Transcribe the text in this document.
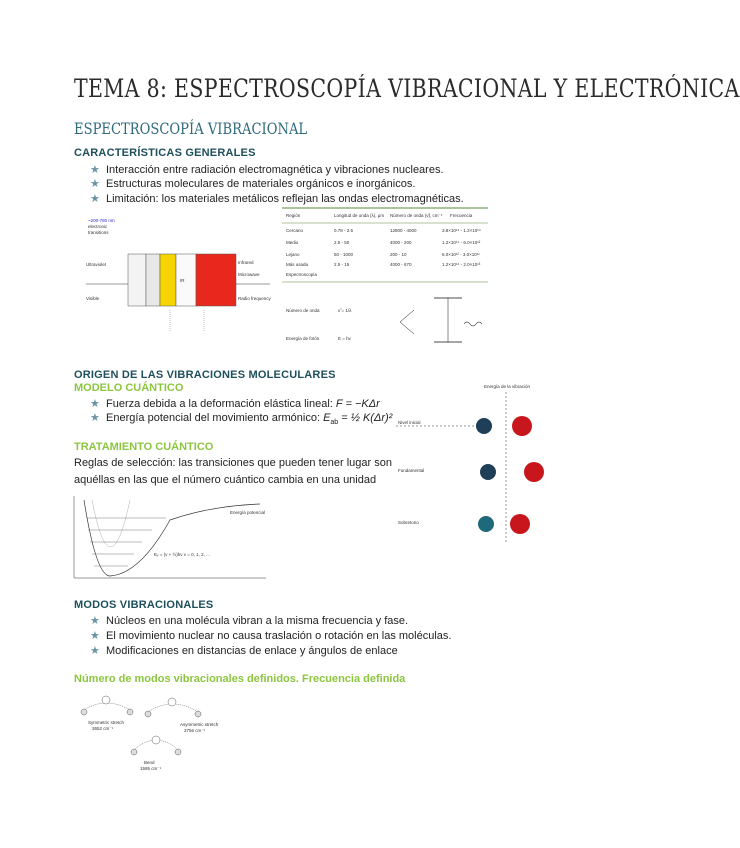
TEMA 8: ESPECTROSCOPÍA VIBRACIONAL Y ELECTRÓNICA
ESPECTROSCOPÍA VIBRACIONAL
CARACTERÍSTICAS GENERALES
★ Interacción entre radiación electromagnética y vibraciones nucleares.
★ Estructuras moleculares de materiales orgánicos e inorgánicos.
★ Limitación: los materiales metálicos reflejan las ondas electromagnéticas.
~200-780 nm
electronic
transitions
IR
Ultraviolet
Visible
Infrared
Microwave
Radio frequency
Región	Longitud de onda (λ), μm Número de onda (ν̃), cm⁻¹ Frecuencia
Cercano	0.78 - 2.5	12800 - 4000	3.8×10¹⁴ - 1.2×10¹⁴
Medio	2.5 - 50	4000 - 200	1.2×10¹⁴ - 6.0×10¹²
Lejano	50 - 1000	200 - 10	6.0×10¹² - 3.0×10¹¹
Más usada	2.5 - 15	4000 - 670	1.2×10¹⁴ - 2.0×10¹³
Espectroscopía
Número de onda	ν̃ = 1/λ
Energía de fotón	E = hν
ORIGEN DE LAS VIBRACIONES MOLECULARES
MODELO CUÁNTICO
★ Fuerza debida a la deformación elástica lineal: F = −KΔr
★ Energía potencial del movimiento armónico: $E_{ab}$ = ½ K(Δr)²
TRATAMIENTO CUÁNTICO
Reglas de selección: las transiciones que pueden tener lugar son aquéllas en las que el número cuántico cambia en una unidad
Energía de la vibración
Nivel inicial
Fundamental
Sobretono
Eᵥ = (v + ½)hν v = 0, 1, 2, ...
Energía potencial
MODOS VIBRACIONALES
★ Núcleos en una molécula vibran a la misma frecuencia y fase.
★ El movimiento nuclear no causa traslación o rotación en las moléculas.
★ Modificaciones en distancias de enlace y ángulos de enlace
Número de modos vibracionales definidos. Frecuencia definida
Symmetric stretch
3652 cm⁻¹
Asymmetric stretch
3756 cm⁻¹
Bend
1595 cm⁻¹
